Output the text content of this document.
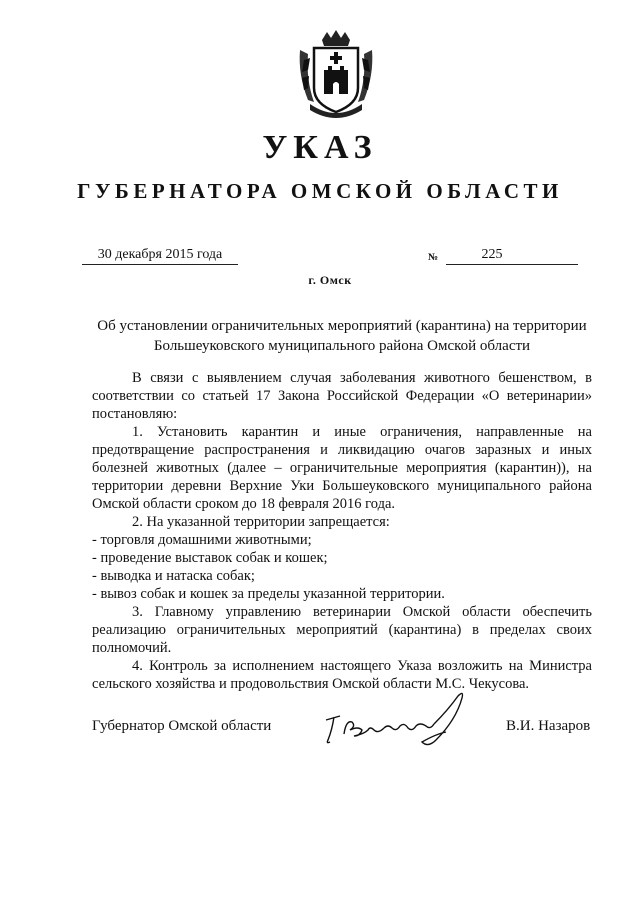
УКАЗ
ГУБЕРНАТОРА ОМСКОЙ ОБЛАСТИ
30 декабря 2015 года	№	225
г. Омск
Об установлении ограничительных мероприятий (карантина) на территории Большеуковского муниципального района Омской области
В связи с выявлением случая заболевания животного бешенством, в соответствии со статьей 17 Закона Российской Федерации «О ветеринарии» постановляю:
1. Установить карантин и иные ограничения, направленные на предотвращение распространения и ликвидацию очагов заразных и иных болезней животных (далее – ограничительные мероприятия (карантин)), на территории деревни Верхние Уки Большеуковского муниципального района Омской области сроком до 18 февраля 2016 года.
2. На указанной территории запрещается:
- торговля домашними животными;
- проведение выставок собак и кошек;
- выводка и натаска собак;
- вывоз собак и кошек за пределы указанной территории.
3. Главному управлению ветеринарии Омской области обеспечить реализацию ограничительных мероприятий (карантина) в пределах своих полномочий.
4. Контроль за исполнением настоящего Указа возложить на Министра сельского хозяйства и продовольствия Омской области М.С. Чекусова.
Губернатор Омской области	В.И. Назаров
